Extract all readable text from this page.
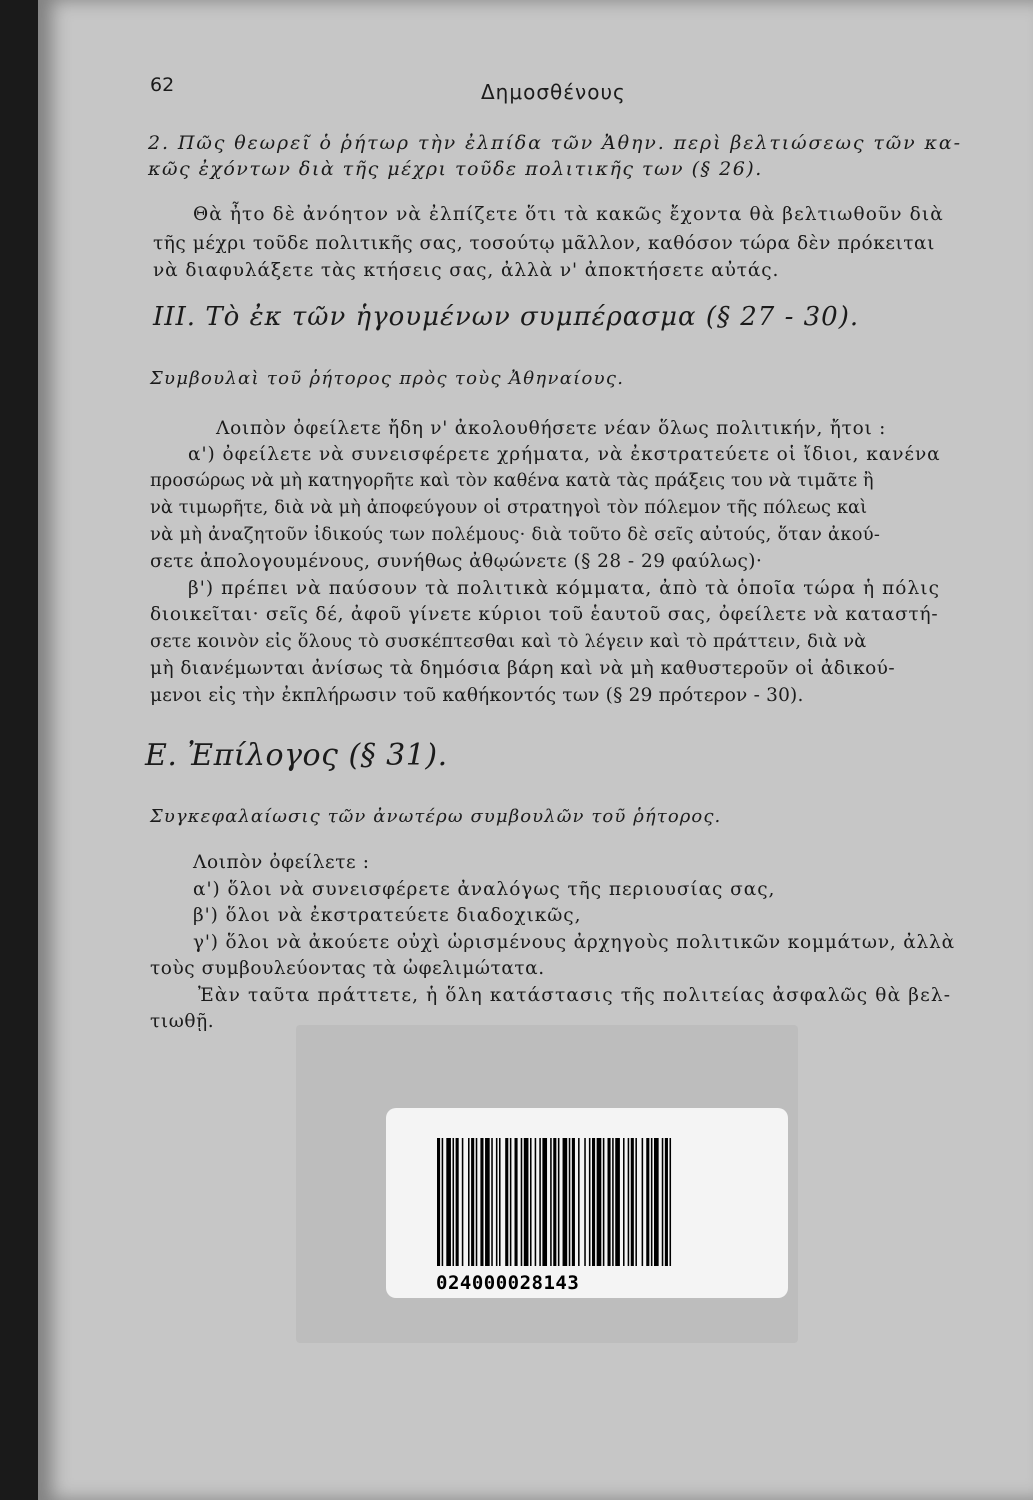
62	Δημοσθένους
2. Πῶς θεωρεῖ ὁ ῥήτωρ τὴν ἐλπίδα τῶν Ἀθην. περὶ βελτιώσεως τῶν κα-
κῶς ἐχόντων διὰ τῆς μέχρι τοῦδε πολιτικῆς των (§ 26).
Θὰ ἦτο δὲ ἀνόητον νὰ ἐλπίζετε ὅτι τὰ κακῶς ἔχοντα θὰ βελτιωθοῦν διὰ
τῆς μέχρι τοῦδε πολιτικῆς σας, τοσούτῳ μᾶλλον, καθόσον τώρα δὲν πρόκειται
νὰ διαφυλάξετε τὰς κτήσεις σας, ἀλλὰ ν' ἀποκτήσετε αὐτάς.
III. Τὸ ἐκ τῶν ἡγουμένων συμπέρασμα (§ 27 - 30).
Συμβουλαὶ τοῦ ῥήτορος πρὸς τοὺς Ἀθηναίους.
Λοιπὸν ὀφείλετε ἤδη ν' ἀκολουθήσετε νέαν ὅλως πολιτικήν, ἤτοι :
α') ὀφείλετε νὰ συνεισφέρετε χρήματα, νὰ ἐκστρατεύετε οἱ ἴδιοι, κανένα
προσώρως νὰ μὴ κατηγορῆτε καὶ τὸν καθένα κατὰ τὰς πράξεις του νὰ τιμᾶτε ἢ
νὰ τιμωρῆτε, διὰ νὰ μὴ ἀποφεύγουν οἱ στρατηγοὶ τὸν πόλεμον τῆς πόλεως καὶ
νὰ μὴ ἀναζητοῦν ἰδικούς των πολέμους· διὰ τοῦτο δὲ σεῖς αὐτούς, ὅταν ἀκού-
σετε ἀπολογουμένους, συνήθως ἀθῳώνετε (§ 28 - 29 φαύλως)·
β') πρέπει νὰ παύσουν τὰ πολιτικὰ κόμματα, ἀπὸ τὰ ὁποῖα τώρα ἡ πόλις
διοικεῖται· σεῖς δέ, ἀφοῦ γίνετε κύριοι τοῦ ἑαυτοῦ σας, ὀφείλετε νὰ καταστή-
σετε κοινὸν εἰς ὅλους τὸ συσκέπτεσθαι καὶ τὸ λέγειν καὶ τὸ πράττειν, διὰ νὰ
μὴ διανέμωνται ἀνίσως τὰ δημόσια βάρη καὶ νὰ μὴ καθυστεροῦν οἱ ἀδικού-
μενοι εἰς τὴν ἐκπλήρωσιν τοῦ καθήκοντός των (§ 29 πρότερον - 30).
Ε. Ἐπίλογος (§ 31).
Συγκεφαλαίωσις τῶν ἀνωτέρω συμβουλῶν τοῦ ῥήτορος.
Λοιπὸν ὀφείλετε :
α') ὅλοι νὰ συνεισφέρετε ἀναλόγως τῆς περιουσίας σας,
β') ὅλοι νὰ ἐκστρατεύετε διαδοχικῶς,
γ') ὅλοι νὰ ἀκούετε οὐχὶ ὡρισμένους ἀρχηγοὺς πολιτικῶν κομμάτων, ἀλλὰ
τοὺς συμβουλεύοντας τὰ ὠφελιμώτατα.
Ἐὰν ταῦτα πράττετε, ἡ ὅλη κατάστασις τῆς πολιτείας ἀσφαλῶς θὰ βελ-
τιωθῇ.
024000028143
